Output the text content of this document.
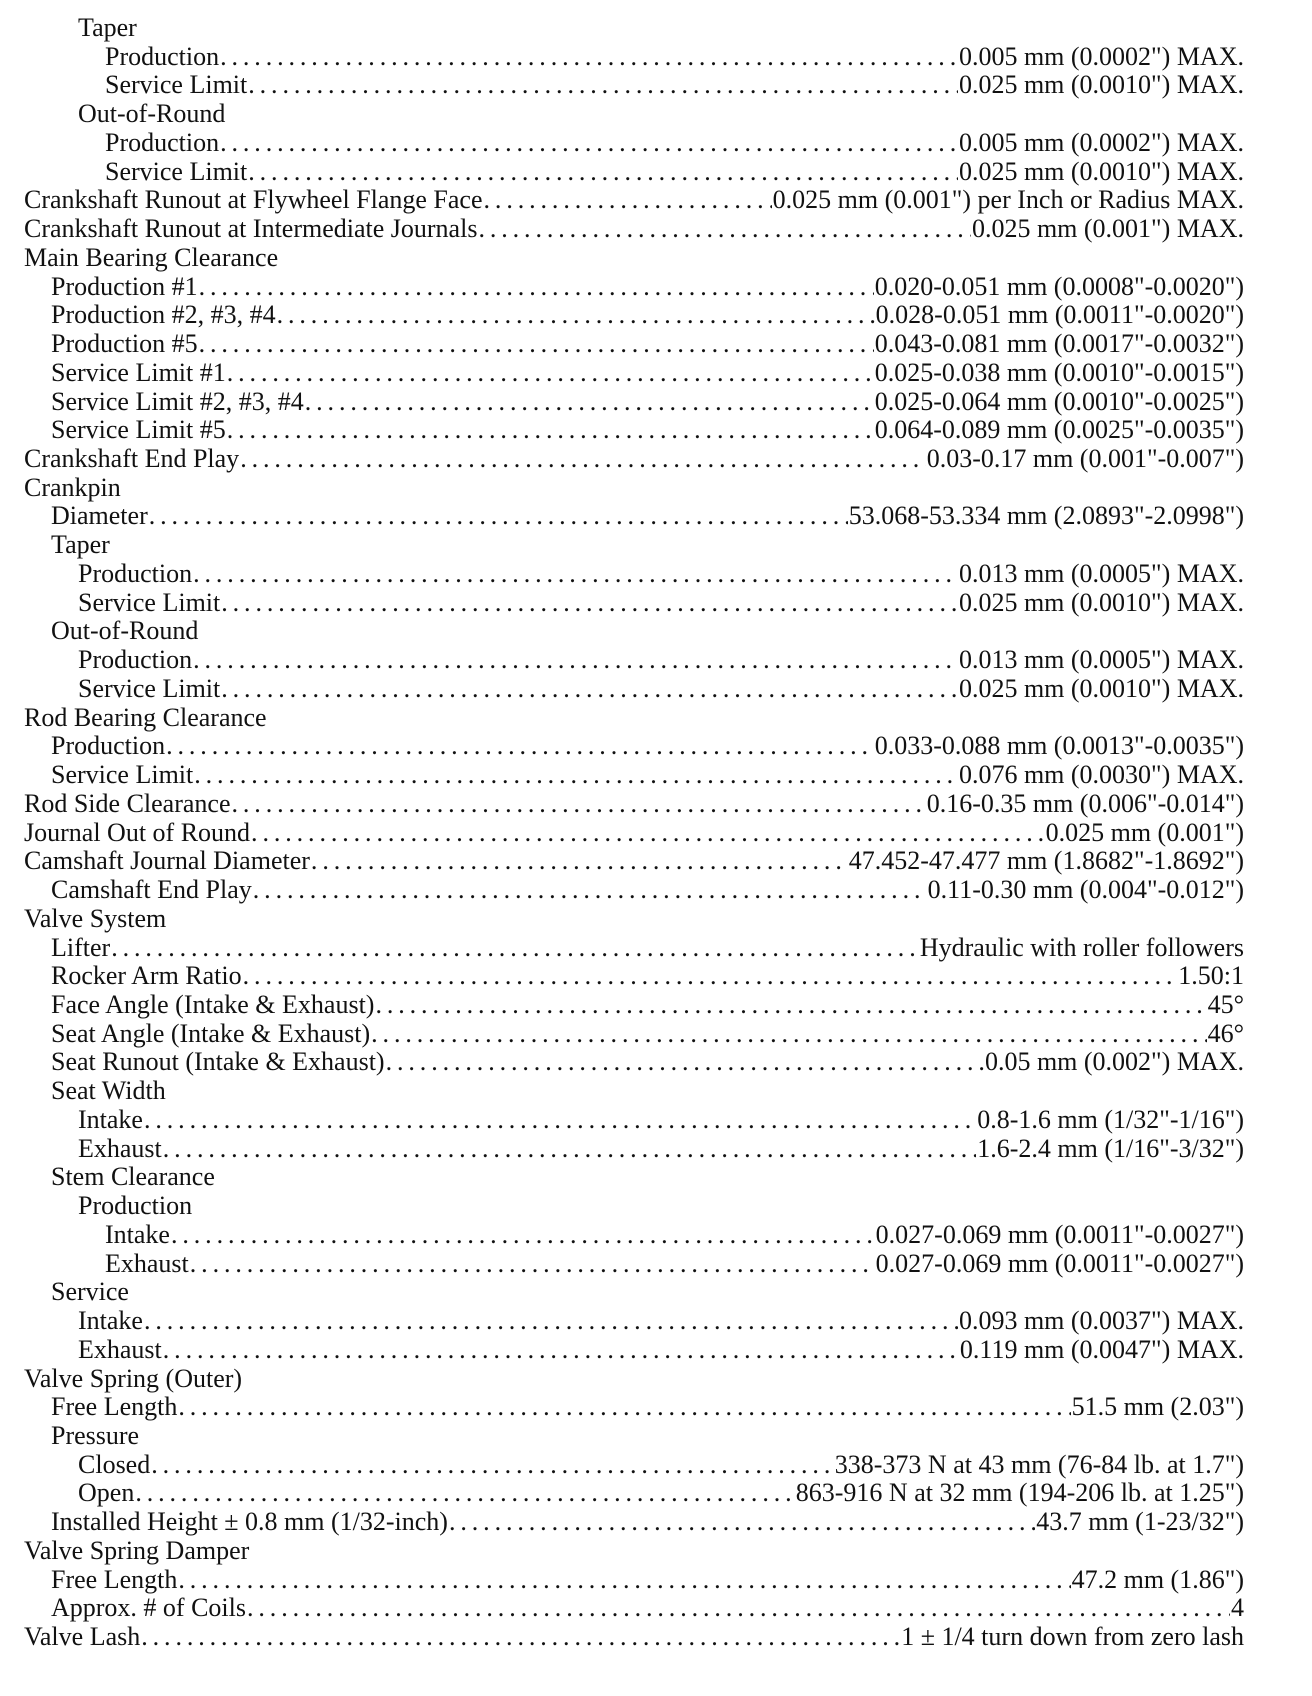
Taper
Production . . .	0.005 mm (0.0002") MAX.
Service Limit . . .	0.025 mm (0.0010") MAX.
Out-of-Round
Production . . .	0.005 mm (0.0002") MAX.
Service Limit . . .	0.025 mm (0.0010") MAX.
Crankshaft Runout at Flywheel Flange Face . . .	0.025 mm (0.001") per Inch or Radius MAX.
Crankshaft Runout at Intermediate Journals . . .	0.025 mm (0.001") MAX.
Main Bearing Clearance
Production #1 . . .	0.020-0.051 mm (0.0008"-0.0020")
Production #2, #3, #4 . . .	0.028-0.051 mm (0.0011"-0.0020")
Production #5 . . .	0.043-0.081 mm (0.0017"-0.0032")
Service Limit #1 . . .	0.025-0.038 mm (0.0010"-0.0015")
Service Limit #2, #3, #4 . . .	0.025-0.064 mm (0.0010"-0.0025")
Service Limit #5 . . .	0.064-0.089 mm (0.0025"-0.0035")
Crankshaft End Play . . .	0.03-0.17 mm (0.001"-0.007")
Crankpin
Diameter . . .	53.068-53.334 mm (2.0893"-2.0998")
Taper
Production . . .	0.013 mm (0.0005") MAX.
Service Limit . . .	0.025 mm (0.0010") MAX.
Out-of-Round
Production . . .	0.013 mm (0.0005") MAX.
Service Limit . . .	0.025 mm (0.0010") MAX.
Rod Bearing Clearance
Production . . .	0.033-0.088 mm (0.0013"-0.0035")
Service Limit . . .	0.076 mm (0.0030") MAX.
Rod Side Clearance . . .	0.16-0.35 mm (0.006"-0.014")
Journal Out of Round . . .	0.025 mm (0.001")
Camshaft Journal Diameter . . .	47.452-47.477 mm (1.8682"-1.8692")
Camshaft End Play . . .	0.11-0.30 mm (0.004"-0.012")
Valve System
Lifter . . .	Hydraulic with roller followers
Rocker Arm Ratio . . .	1.50:1
Face Angle (Intake & Exhaust) . . .	45°
Seat Angle (Intake & Exhaust) . . .	46°
Seat Runout (Intake & Exhaust) . . .	0.05 mm (0.002") MAX.
Seat Width
Intake . . .	0.8-1.6 mm (1/32"-1/16")
Exhaust . . .	1.6-2.4 mm (1/16"-3/32")
Stem Clearance
Production
Intake . . .	0.027-0.069 mm (0.0011"-0.0027")
Exhaust . . .	0.027-0.069 mm (0.0011"-0.0027")
Service
Intake . . .	0.093 mm (0.0037") MAX.
Exhaust . . .	0.119 mm (0.0047") MAX.
Valve Spring (Outer)
Free Length . . .	51.5 mm (2.03")
Pressure
Closed . . .	338-373 N at 43 mm (76-84 lb. at 1.7")
Open . . .	863-916 N at 32 mm (194-206 lb. at 1.25")
Installed Height ± 0.8 mm (1/32-inch) . . .	43.7 mm (1-23/32")
Valve Spring Damper
Free Length . . .	47.2 mm (1.86")
Approx. # of Coils . . .	4
Valve Lash . . .	1 ± 1/4 turn down from zero lash
